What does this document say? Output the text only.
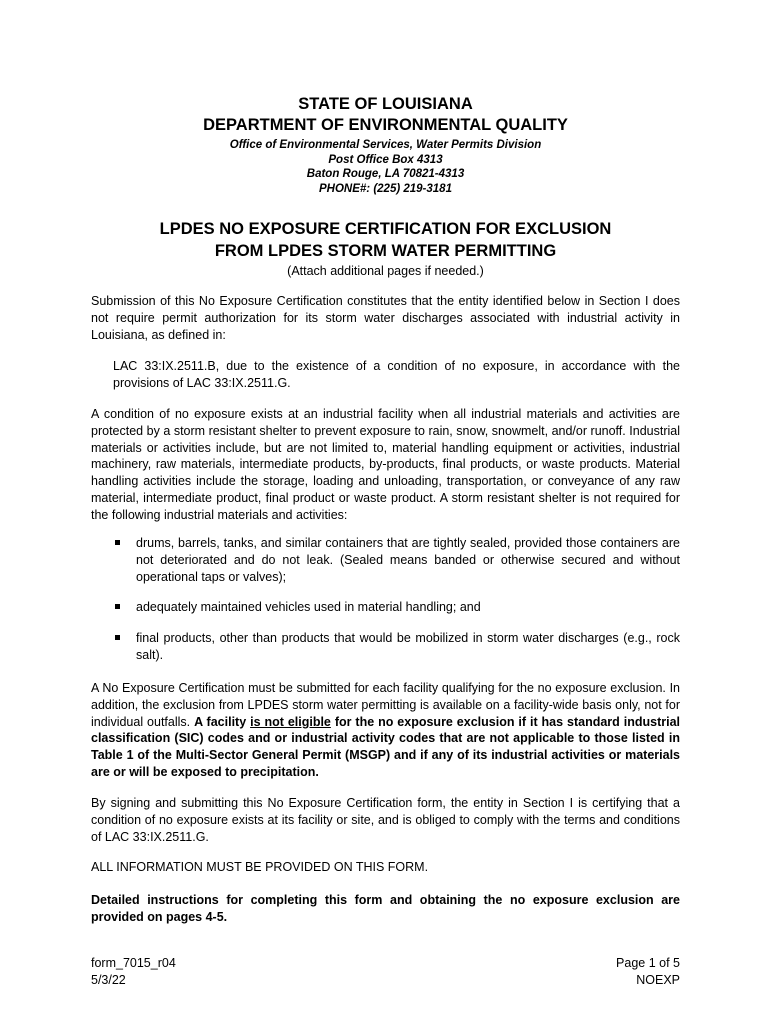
STATE OF LOUISIANA

DEPARTMENT OF ENVIRONMENTAL QUALITY

Office of Environmental Services, Water Permits Division

Post Office Box 4313

Baton Rouge, LA 70821-4313

PHONE#: (225) 219-3181

LPDES NO EXPOSURE CERTIFICATION FOR EXCLUSION

FROM LPDES STORM WATER PERMITTING

(Attach additional pages if needed.)

Submission of this No Exposure Certification constitutes that the entity identified below in Section I does not require permit authorization for its storm water discharges associated with industrial activity in Louisiana, as defined in:

LAC 33:IX.2511.B, due to the existence of a condition of no exposure, in accordance with the provisions of LAC 33:IX.2511.G.

A condition of no exposure exists at an industrial facility when all industrial materials and activities are protected by a storm resistant shelter to prevent exposure to rain, snow, snowmelt, and/or runoff. Industrial materials or activities include, but are not limited to, material handling equipment or activities, industrial machinery, raw materials, intermediate products, by-products, final products, or waste products. Material handling activities include the storage, loading and unloading, transportation, or conveyance of any raw material, intermediate product, final product or waste product. A storm resistant shelter is not required for the following industrial materials and activities:

drums, barrels, tanks, and similar containers that are tightly sealed, provided those containers are not deteriorated and do not leak. (Sealed means banded or otherwise secured and without operational taps or valves);
adequately maintained vehicles used in material handling; and
final products, other than products that would be mobilized in storm water discharges (e.g., rock salt).

A No Exposure Certification must be submitted for each facility qualifying for the no exposure exclusion. In addition, the exclusion from LPDES storm water permitting is available on a facility-wide basis only, not for individual outfalls. A facility is not eligible for the no exposure exclusion if it has standard industrial classification (SIC) codes and or industrial activity codes that are not applicable to those listed in Table 1 of the Multi-Sector General Permit (MSGP) and if any of its industrial activities or materials are or will be exposed to precipitation.

By signing and submitting this No Exposure Certification form, the entity in Section I is certifying that a condition of no exposure exists at its facility or site, and is obliged to comply with the terms and conditions of LAC 33:IX.2511.G.

ALL INFORMATION MUST BE PROVIDED ON THIS FORM.

Detailed instructions for completing this form and obtaining the no exposure exclusion are provided on pages 4-5.

form_7015_r04
5/3/22
Page 1 of 5
NOEXP
